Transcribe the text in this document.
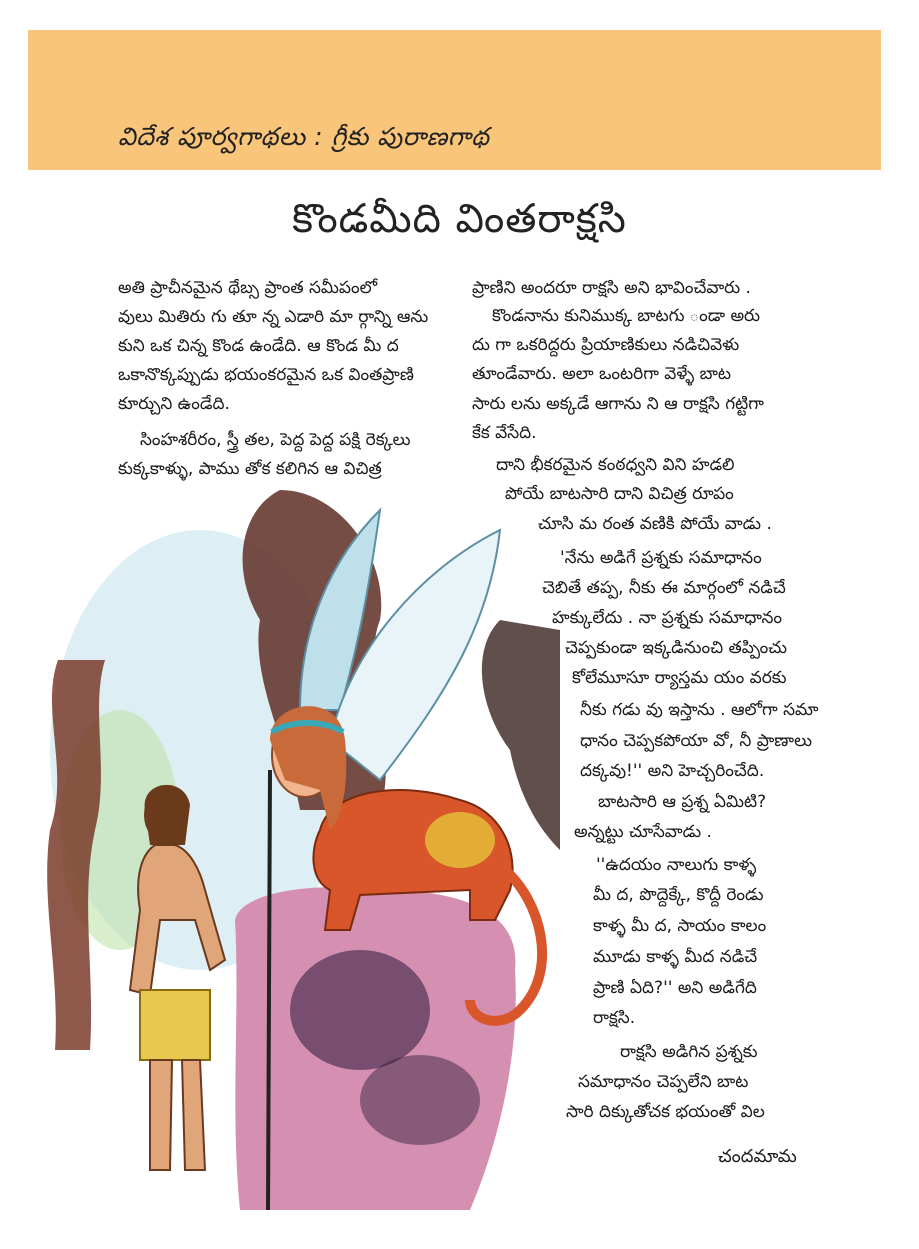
విదేశ పూర్వగాథలు : గ్రీకు పురాణగాథ
కొండమీది వింతరాక్షసి
అతి ప్రాచీనమైన థేబ్స ప్రాంత సమీపంలో
వులు మితిరు గు తూ న్న ఎడారి మా ర్గాన్ని ఆను
కుని ఒక చిన్న కొండ ఉండేది. ఆ కొండ మీ ద
ఒకానొక్కప్పుడు భయంకరమైన ఒక వింతప్రాణి
కూర్చుని ఉండేది.
సింహశరీరం, స్త్రీ తల, పెద్ద పెద్ద పక్షి రెక్కలు
కుక్కకాళ్ళు, పాము తోక కలిగిన ఆ విచిత్ర
ప్రాణిని అందరూ రాక్షసి అని భావించేవారు .
కొండనాను కునిముక్క బాటగు ండా అరు
దు గా ఒకరిద్దరు ప్రియాణికులు నడిచివెళు
తూండేవారు. అలా ఒంటరిగా వెళ్ళే బాట
సారు లను అక్కడే ఆగాను ని ఆ రాక్షసి గట్టిగా
కేక వేసేది.
దాని భీకరమైన కంఠధ్వని విని హడలి
పోయే బాటసారి దాని విచిత్ర రూపం
చూసి మ రంత వణికి పోయే వాడు .
'నేను అడిగే ప్రశ్నకు సమాధానం
చెబితే తప్ప, నీకు ఈ మార్గంలో నడిచే
హక్కులేదు . నా ప్రశ్నకు సమాధానం
చెప్పకుండా ఇక్కడినుంచి తప్పించు
కోలేమూసూ ర్యాస్తమ యం వరకు
నీకు గడు వు ఇస్తాను . ఆలోగా సమా
ధానం చెప్పకపోయా వో, నీ ప్రాణాలు
దక్కవు!'' అని హెచ్చరించేది.
బాటసారి ఆ ప్రశ్న ఏమిటి?
అన్నట్టు చూసేవాడు .
''ఉదయం నాలుగు కాళ్ళ
మీ ద, పొద్దెక్కే, కొద్దీ రెండు
కాళ్ళ మీ ద, సాయం కాలం
మూడు కాళ్ళ మీద నడిచే
ప్రాణి ఏది?'' అని అడిగేది
రాక్షసి.
రాక్షసి అడిగిన ప్రశ్నకు
సమాధానం చెప్పలేని బాట
సారి దిక్కుతోచక భయంతో విల
చందమామ
